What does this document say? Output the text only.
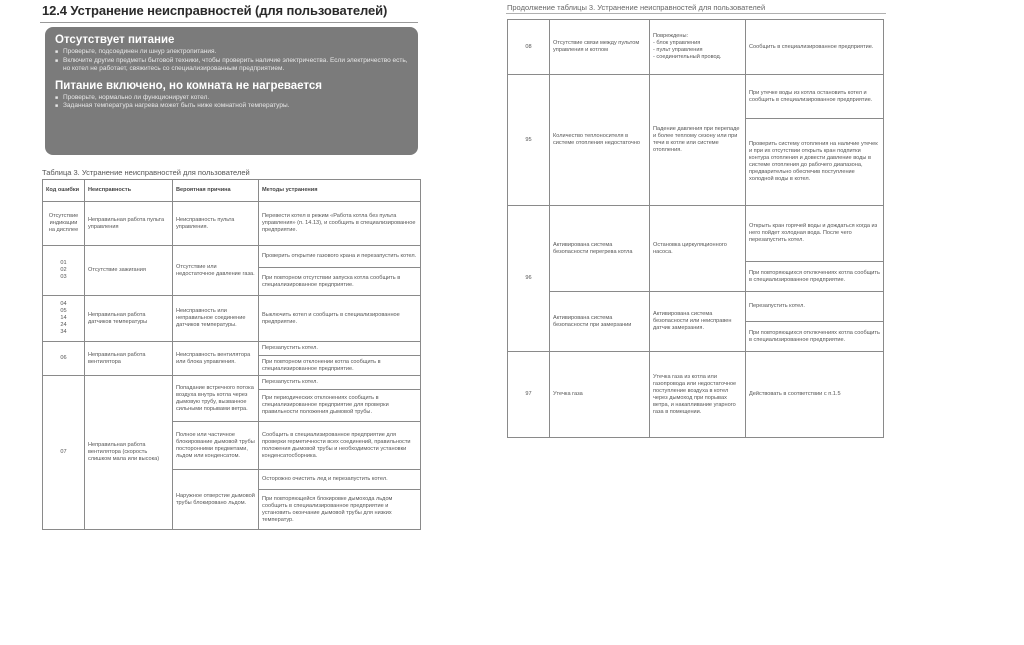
12.4 Устранение неисправностей (для пользователей)
Отсутствует питание

■ Проверьте, подсоединен ли шнур электропитания.

■ Включите другие предметы бытовой техники, чтобы проверить наличие электричества. Если электричество есть, но котел не работает, свяжитесь со специализированным предприятием.

Питание включено, но комната не нагревается

■ Проверьте, нормально ли функционирует котел.

■ Заданная температура нагрева может быть ниже комнатной температуры.

Таблица 3. Устранение неисправностей для пользователей
Код ошибки	Неисправность	Вероятная причина	Методы устранения
Отсутствие индикации на дисплее	Неправильная работа пульта управления	Неисправность пульта управления.	Перевести котел в режим «Работа котла без пульта управления» (п. 14.13), и сообщить в специализированное предприятие.
01
02
03	Отсутствие зажигания	Отсутствие или недостаточное давление газа.	Проверить открытие газового крана и перезапустить котел.
			При повторном отсутствии запуска котла сообщить в специализированное предприятие.
04
05
14
24
34	Неправильная работа датчиков температуры	Неисправность или неправильное соединение датчиков температуры.	Выключить котел и сообщить в специализированное предприятие.
06	Неправильная работа вентилятора	Неисправность вентилятора или блока управления.	Перезапустить котел.
			При повторном отклонении котла сообщить в специализированное предприятие.
07	Неправильная работа вентилятора (скорость слишком мала или высока)	Попадание встречного потока воздуха внутрь котла через дымовую трубу, вызванное сильными порывами ветра.	Перезапустить котел.
			При периодических отклонениях сообщить в специализированное предприятие для проверки правильности положения дымовой трубы.
		Полное или частичное блокирование дымовой трубы посторонними предметами, льдом или конденсатом.	Сообщить в специализированное предприятие для проверки герметичности всех соединений, правильности положения дымовой трубы и необходимости установки конденсатосборника.
		Наружное отверстие дымовой трубы блокировано льдом.	Осторожно очистить лед и перезапустить котел.
			При повторяющейся блокировке дымохода льдом сообщить в специализированное предприятие и установить окончание дымовой трубы для низких температур.
Продолжение таблицы 3. Устранение неисправностей для пользователей
08	Отсутствие связи между пультом управления и котлом	Повреждены:
- блок управления
- пульт управления
- соединительный провод.	Сообщить в специализированное предприятие.
95	Количество теплоносителя в системе отопления недостаточно	Падение давления при перепаде и более теплому сезону или при течи в котле или системе отопления.	При утечке воды из котла остановить котел и сообщить в специализированное предприятие.
			Проверить систему отопления на наличие утечек и при их отсутствии открыть кран подпитки контура отопления и довести давление воды в системе отопления до рабочего диапазона, предварительно обеспечив поступление холодной воды в котел.
96	Активирована система безопасности перегрева котла	Остановка циркуляционного насоса.	Открыть кран горячей воды и дождаться когда из него пойдет холодная вода. После чего перезапустить котел.
			При повторяющихся отключениях котла сообщить в специализированное предприятие.
	Активирована система безопасности при замерзании	Активирована система безопасности или неисправен датчик замерзания.	Перезапустить котел.
			При повторяющихся отключениях котла сообщить в специализированное предприятие.
97	Утечка газа	Утечка газа из котла или газопровода или недостаточное поступление воздуха в котел через дымоход при порывах ветра, и накапливание угарного газа в помещении.	Действовать в соответствии с п.1.5
